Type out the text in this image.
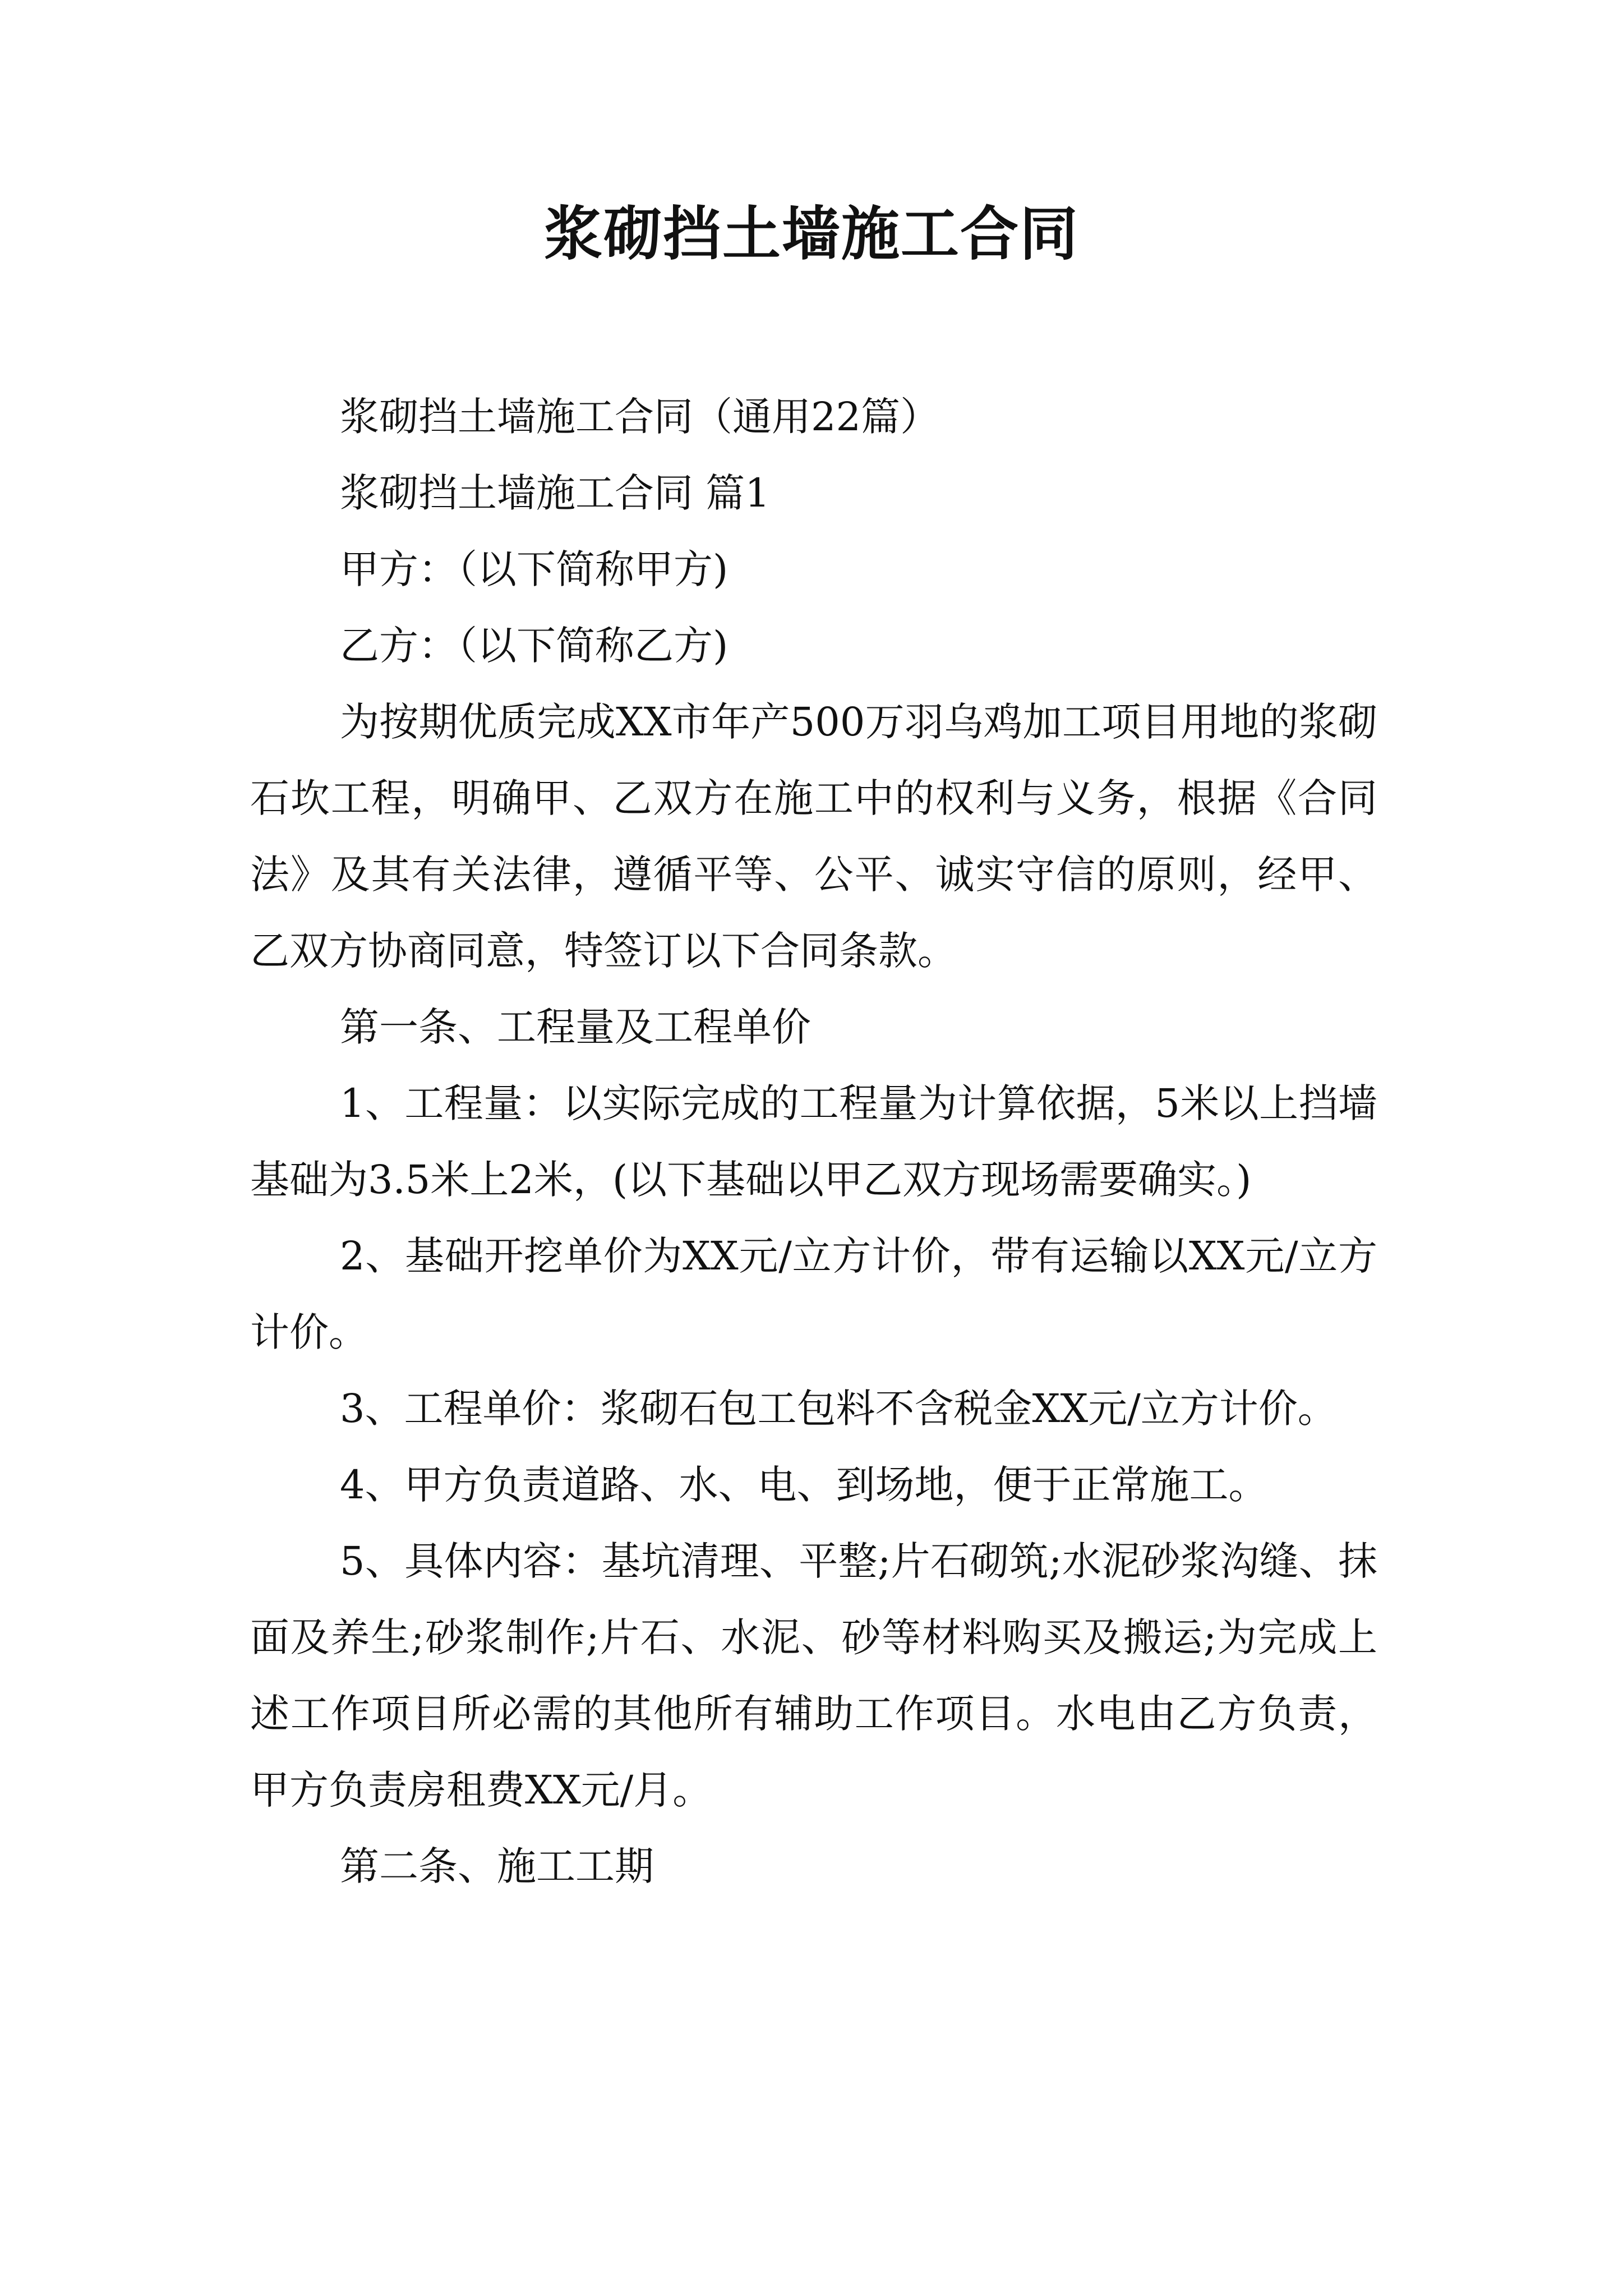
浆砌挡土墙施工合同

浆砌挡土墙施工合同（通用22篇）

浆砌挡土墙施工合同 篇1

甲方：（以下简称甲方)

乙方：（以下简称乙方)

为按期优质完成XX市年产500万羽乌鸡加工项目用地的浆砌石坎工程，明确甲、乙双方在施工中的权利与义务，根据《合同法》及其有关法律，遵循平等、公平、诚实守信的原则，经甲、乙双方协商同意，特签订以下合同条款。

第一条、工程量及工程单价

1、工程量：以实际完成的工程量为计算依据，5米以上挡墙基础为3.5米上2米，(以下基础以甲乙双方现场需要确实。)

2、基础开挖单价为XX元/立方计价，带有运输以XX元/立方计价。

3、工程单价：浆砌石包工包料不含税金XX元/立方计价。

4、甲方负责道路、水、电、到场地，便于正常施工。

5、具体内容：基坑清理、平整;片石砌筑;水泥砂浆沟缝、抹面及养生;砂浆制作;片石、水泥、砂等材料购买及搬运;为完成上述工作项目所必需的其他所有辅助工作项目。水电由乙方负责，甲方负责房租费XX元/月。

第二条、施工工期
